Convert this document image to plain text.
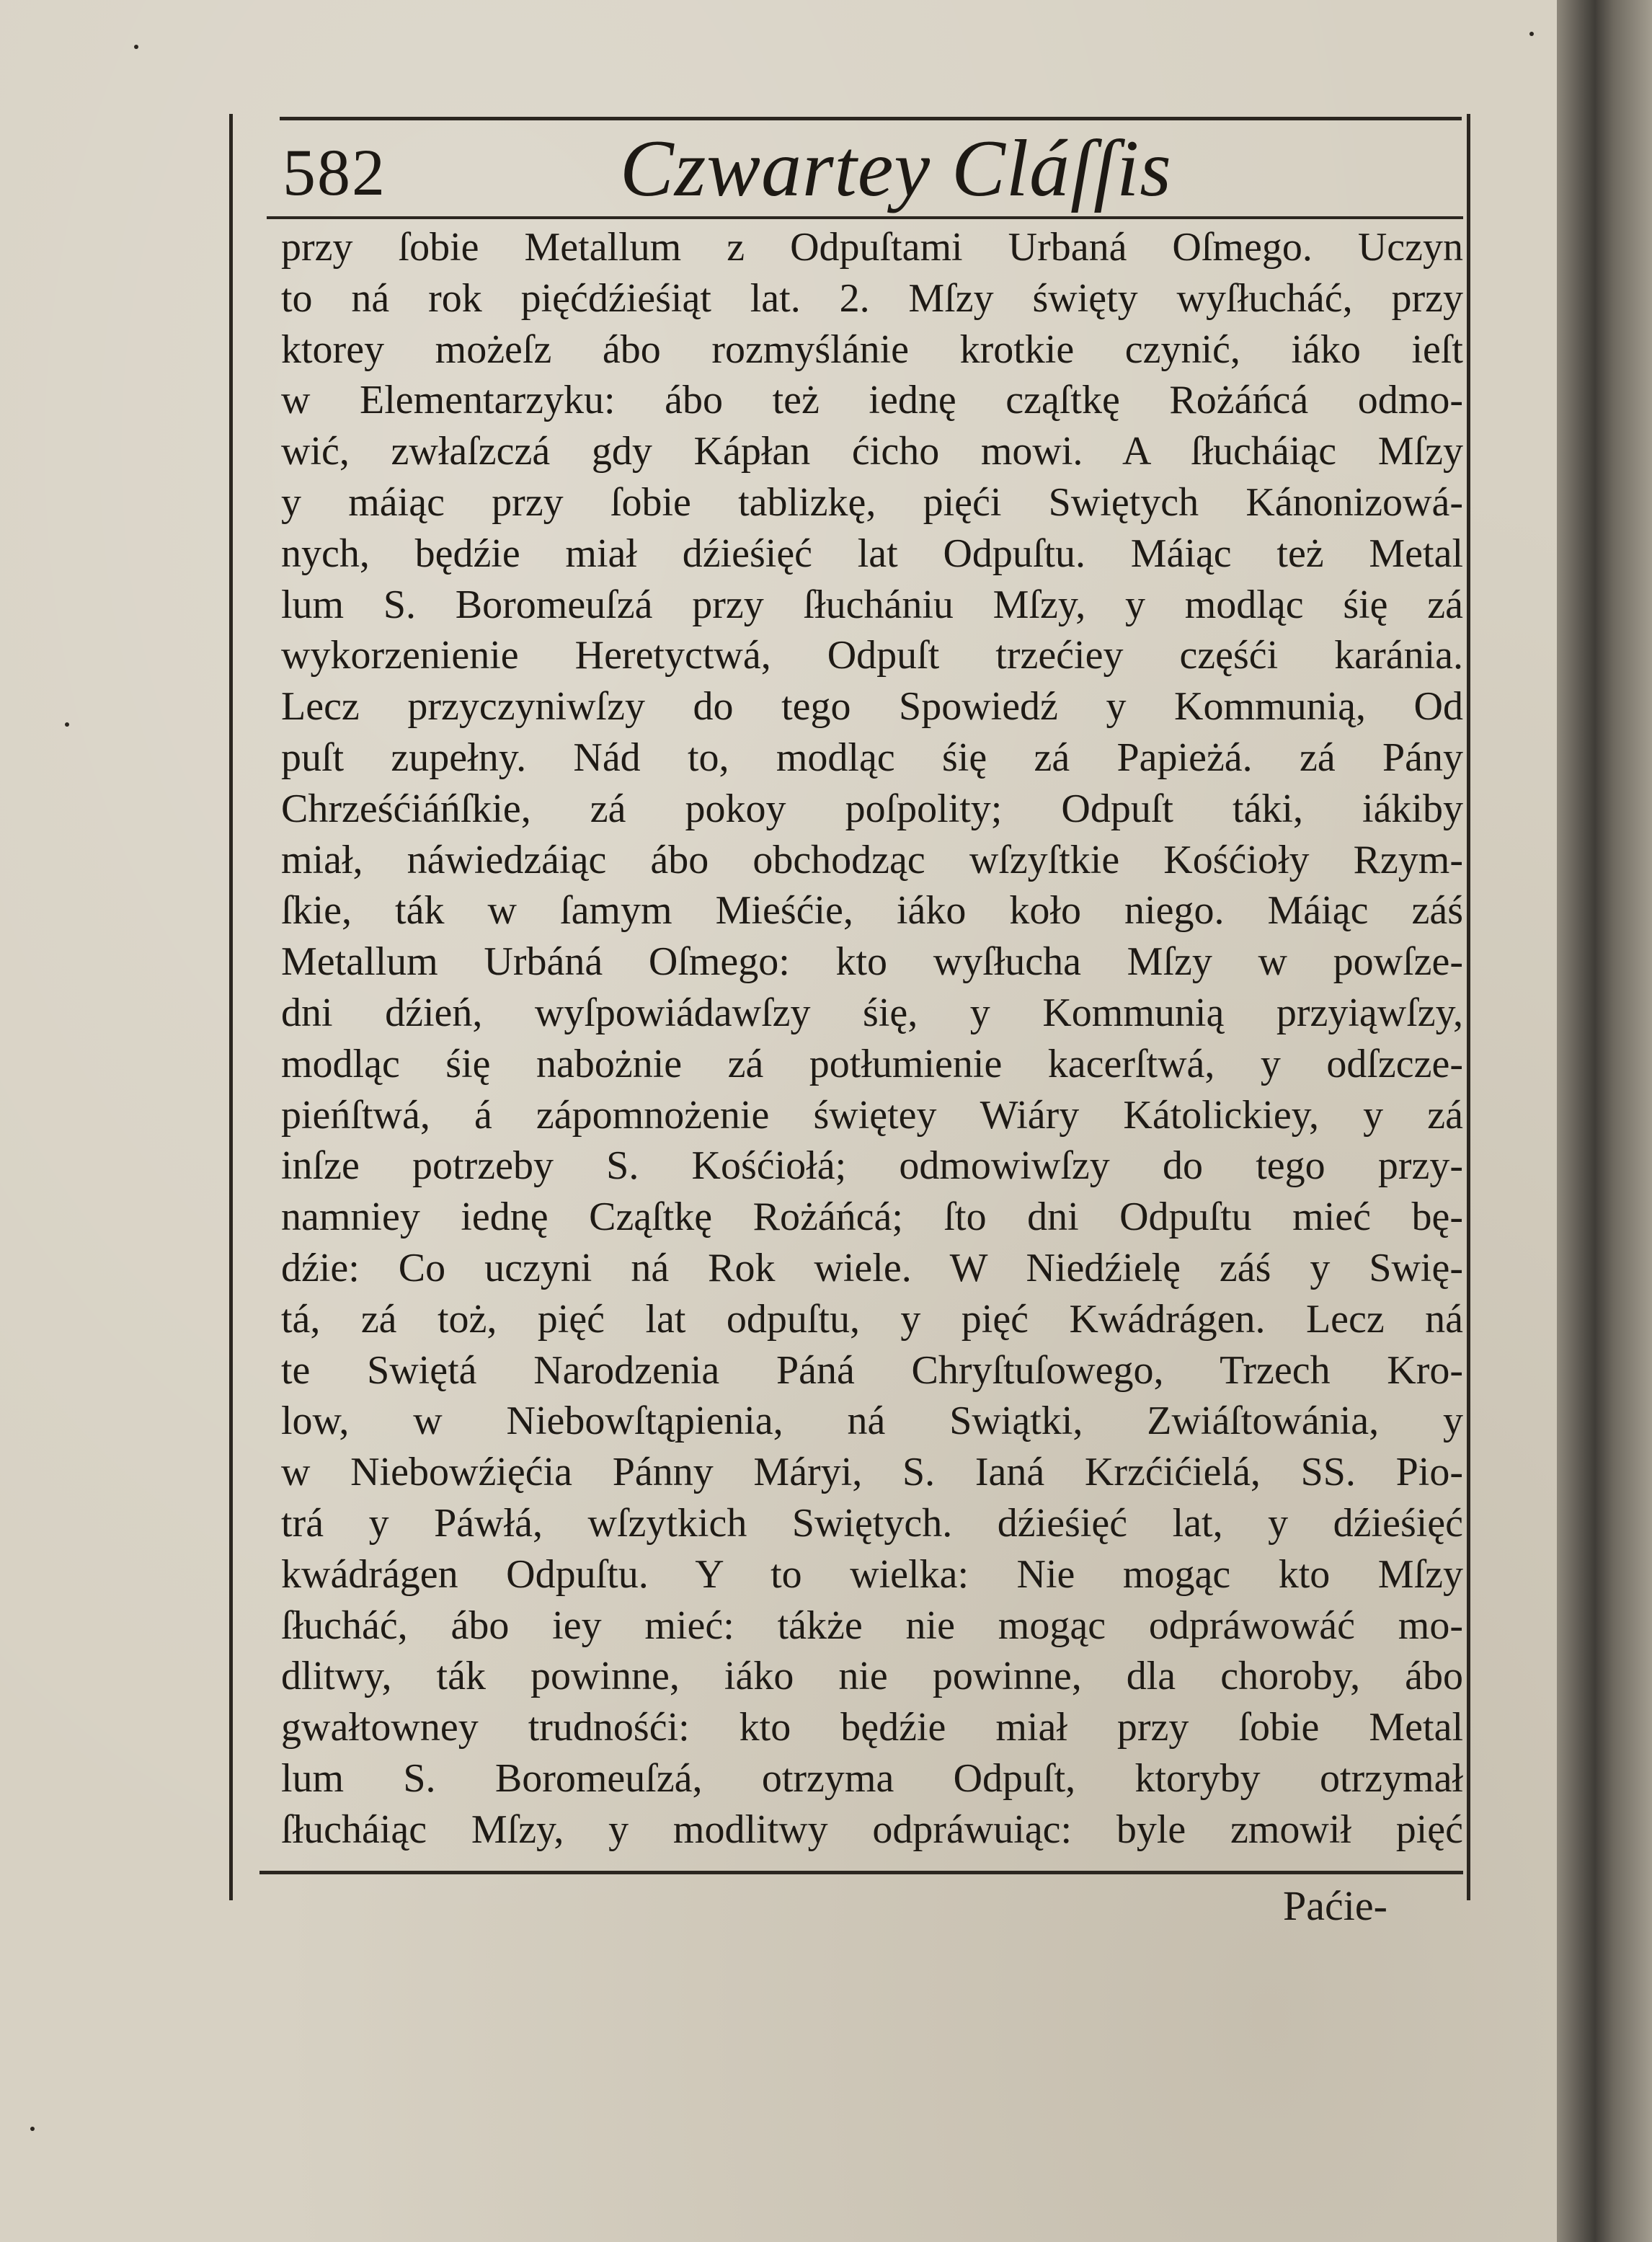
582	Czwartey Cláſſis
przy ſobie Metallum z Odpuſtami Urbaná Oſmego. Uczyn
to ná rok pięćdźieśiąt lat. 2. Mſzy święty wyſłucháć, przy
ktorey możeſz ábo rozmyślánie krotkie czynić, iáko ieſt
w Elementarzyku: ábo też iednę cząſtkę Rożáńcá odmo-
wić, zwłaſzczá gdy Kápłan ćicho mowi. A ſłucháiąc Mſzy
y máiąc przy ſobie tablizkę, pięći Swiętych Kánonizowá-
nych, będźie miał dźieśięć lat Odpuſtu. Máiąc też Metal
lum S. Boromeuſzá przy ſłuchániu Mſzy, y modląc śię zá
wykorzenienie Heretyctwá, Odpuſt trzećiey częśći karánia.
Lecz przyczyniwſzy do tego Spowiedź y Kommunią, Od
puſt zupełny. Nád to, modląc śię zá Papieżá. zá Pány
Chrześćiáńſkie, zá pokoy poſpolity; Odpuſt táki, iákiby
miał, náwiedzáiąc ábo obchodząc wſzyſtkie Kośćioły Rzym-
ſkie, ták w ſamym Mieśćie, iáko koło niego. Máiąc záś
Metallum Urbáná Oſmego: kto wyſłucha Mſzy w powſze-
dni dźień, wyſpowiádawſzy śię, y Kommunią przyiąwſzy,
modląc śię nabożnie zá potłumienie kacerſtwá, y odſzcze-
pieńſtwá, á zápomnożenie świętey Wiáry Kátolickiey, y zá
inſze potrzeby S. Kośćiołá; odmowiwſzy do tego przy-
namniey iednę Cząſtkę Rożáńcá; ſto dni Odpuſtu mieć bę-
dźie: Co uczyni ná Rok wiele. W Niedźielę záś y Swię-
tá, zá toż, pięć lat odpuſtu, y pięć Kwádrágen. Lecz ná
te Swiętá Narodzenia Páná Chryſtuſowego, Trzech Kro-
low, w Niebowſtąpienia, ná Swiątki, Zwiáſtowánia, y
w Niebowźięćia Pánny Máryi, S. Ianá Krzćićielá, SS. Pio-
trá y Páwłá, wſzytkich Swiętych. dźieśięć lat, y dźieśięć
kwádrágen Odpuſtu. Y to wielka: Nie mogąc kto Mſzy
ſłucháć, ábo iey mieć: tákże nie mogąc odpráwowáć mo-
dlitwy, ták powinne, iáko nie powinne, dla choroby, ábo
gwałtowney trudnośći: kto będźie miał przy ſobie Metal
lum S. Boromeuſzá, otrzyma Odpuſt, ktoryby otrzymał
ſłucháiąc Mſzy, y modlitwy odpráwuiąc: byle zmowił pięć
Paćie-
